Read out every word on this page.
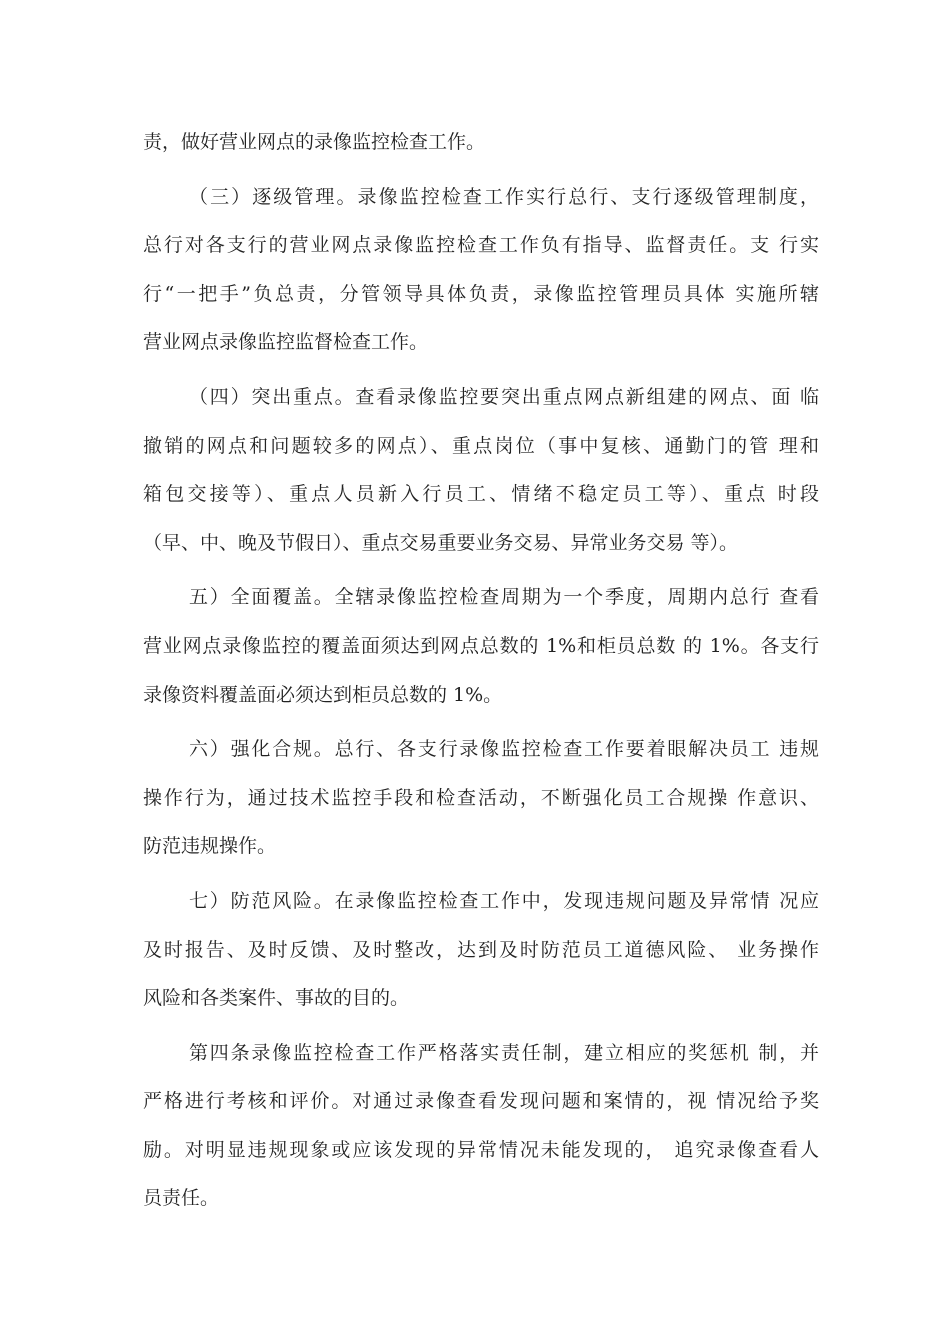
责，做好营业网点的录像监控检查工作。
（三）逐级管理。录像监控检查工作实行总行、支行逐级管理制度，
总行对各支行的营业网点录像监控检查工作负有指导、监督责任。支 行实
行“一把手”负总责，分管领导具体负责，录像监控管理员具体 实施所辖
营业网点录像监控监督检查工作。
（四）突出重点。查看录像监控要突出重点网点新组建的网点、面 临
撤销的网点和问题较多的网点）、重点岗位（事中复核、通勤门的管 理和
箱包交接等）、重点人员新入行员工、情绪不稳定员工等）、重点 时段
（早、中、晚及节假日）、重点交易重要业务交易、异常业务交易 等）。
五）全面覆盖。全辖录像监控检查周期为一个季度，周期内总行 查看
营业网点录像监控的覆盖面须达到网点总数的 1%和柜员总数 的 1%。各支行
录像资料覆盖面必须达到柜员总数的 1%。
六）强化合规。总行、各支行录像监控检查工作要着眼解决员工 违规
操作行为，通过技术监控手段和检查活动，不断强化员工合规操 作意识、
防范违规操作。
七）防范风险。在录像监控检查工作中，发现违规问题及异常情 况应
及时报告、及时反馈、及时整改，达到及时防范员工道德风险、 业务操作
风险和各类案件、事故的目的。
第四条录像监控检查工作严格落实责任制，建立相应的奖惩机 制，并
严格进行考核和评价。对通过录像查看发现问题和案情的，视 情况给予奖
励。对明显违规现象或应该发现的异常情况未能发现的， 追究录像查看人
员责任。
